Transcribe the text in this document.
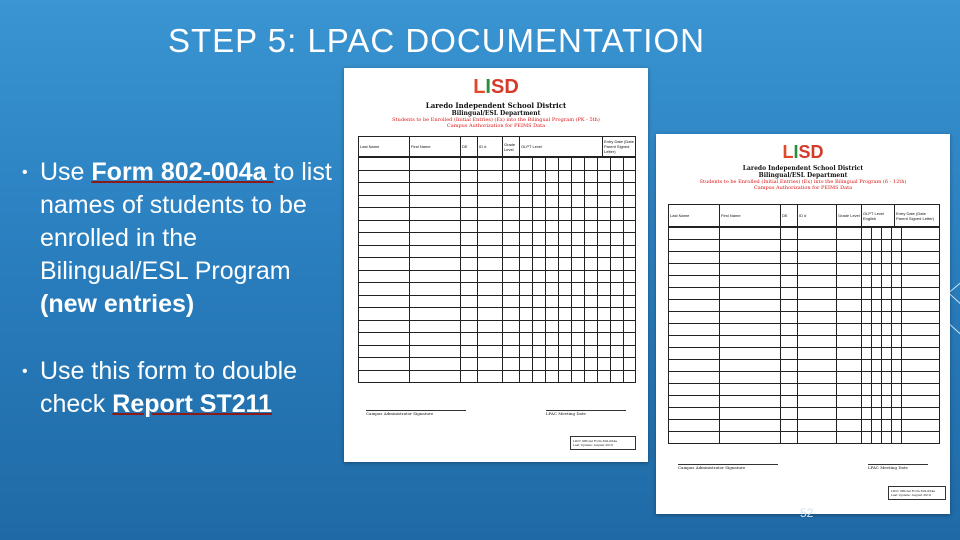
STEP 5: LPAC DOCUMENTATION
• Use Form 802-004a to list names of students to be enrolled in the Bilingual/ESL Program (new entries)
• Use this form to double check Report ST211
LISD
Laredo Independent School District
Bilingual/ESL Department
Students to be Enrolled (Initial Entries) (Ex) into the Bilingual Program (PK - 5th)
Campus Authorization for PEIMS Data
Last Name	First Name	DE	ID #	Grade Level	OLPT Level	Entry Date (Date Parent Signed Letter)

Campus Administrator Signature	LPAC Meeting Date
LIDC Official Form 802-004a
Last Update: August 2019
LISD
Laredo Independent School District
Bilingual/ESL Department
Students to be Enrolled (Initial Entries) (Ex) into the Bilingual Program (6 - 12th)
Campus Authorization for PEIMS Data
Last Name	First Name	DE	ID #	Grade Level	OLPT Level English	Entry Date (Date Parent Signed Letter)

Campus Administrator Signature	LPAC Meeting Date
LIDC Official Form 802-004a
Last Update: August 2019
52
